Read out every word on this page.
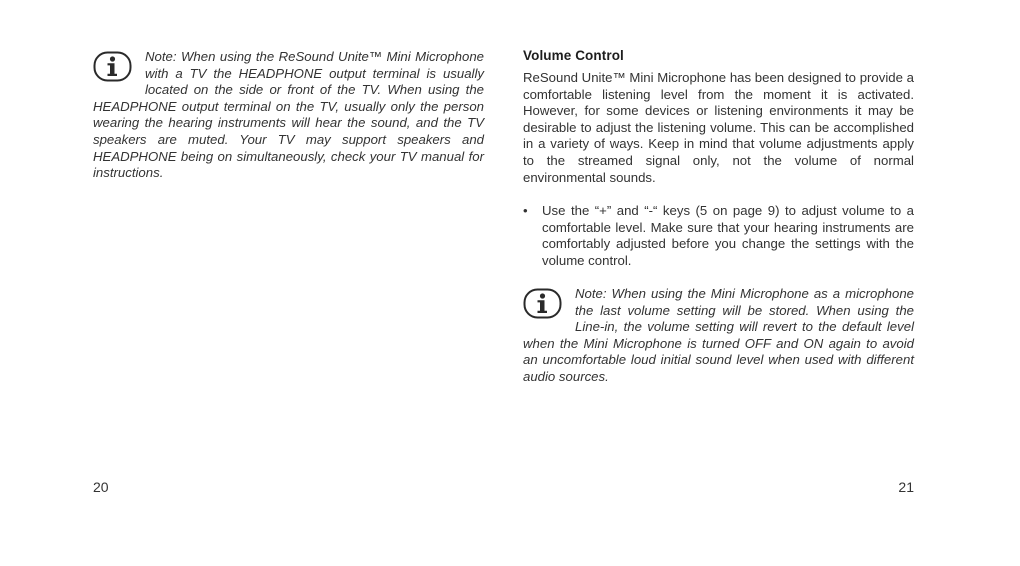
Note: When using the ReSound Unite™ Mini Microphone with a TV the HEADPHONE output terminal is usually located on the side or front of the TV. When using the HEADPHONE output terminal on the TV, usually only the person wearing the hearing instruments will hear the sound, and the TV speakers are muted. Your TV may support speakers and HEADPHONE being on simultaneously, check your TV manual for instructions.
20
Volume Control
ReSound Unite™ Mini Microphone has been designed to provide a comfortable listening level from the moment it is activated. However, for some devices or listening environments it may be desirable to adjust the listening volume. This can be accomplished in a variety of ways. Keep in mind that volume adjustments apply to the streamed signal only, not the volume of normal environmental sounds.
•	Use the “+” and “-“ keys (5 on page 9) to adjust volume to a comfortable level. Make sure that your hearing instruments are comfortably adjusted before you change the settings with the volume control.
Note: When using the Mini Microphone as a microphone the last volume setting will be stored. When using the Line-in, the volume setting will revert to the default level when the Mini Microphone is turned OFF and ON again to avoid an uncomfortable loud initial sound level when used with different audio sources.
21
